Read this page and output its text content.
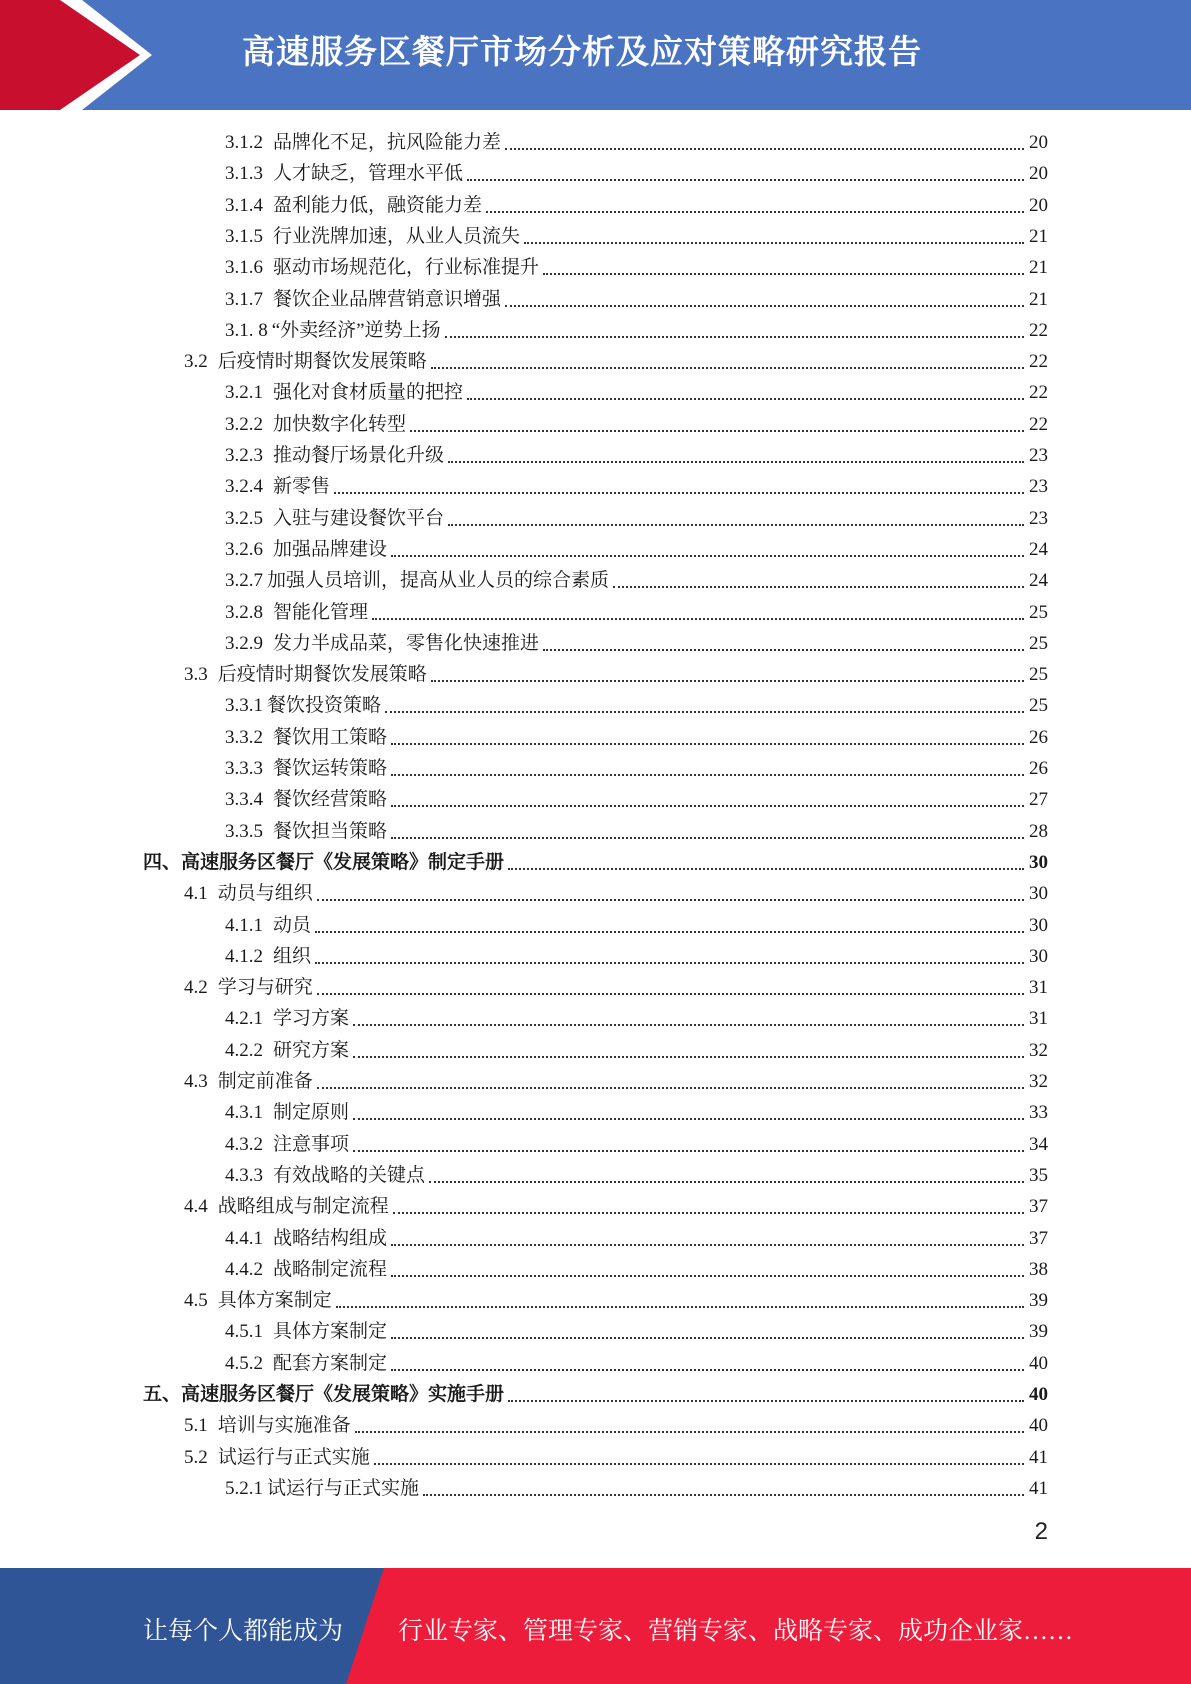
高速服务区餐厅市场分析及应对策略研究报告
3.1.2 品牌化不足，抗风险能力差	20
3.1.3 人才缺乏，管理水平低	20
3.1.4 盈利能力低，融资能力差	20
3.1.5 行业洗牌加速，从业人员流失	21
3.1.6 驱动市场规范化，行业标准提升	21
3.1.7 餐饮企业品牌营销意识增强	21
3.1. 8 “外卖经济”逆势上扬	22
3.2 后疫情时期餐饮发展策略	22
3.2.1 强化对食材质量的把控	22
3.2.2 加快数字化转型	22
3.2.3 推动餐厅场景化升级	23
3.2.4 新零售	23
3.2.5 入驻与建设餐饮平台	23
3.2.6 加强品牌建设	24
3.2.7 加强人员培训，提高从业人员的综合素质	24
3.2.8 智能化管理	25
3.2.9 发力半成品菜，零售化快速推进	25
3.3 后疫情时期餐饮发展策略	25
3.3.1 餐饮投资策略	25
3.3.2 餐饮用工策略	26
3.3.3 餐饮运转策略	26
3.3.4 餐饮经营策略	27
3.3.5 餐饮担当策略	28
四、 高速服务区餐厅《发展策略》制定手册	30
4.1 动员与组织	30
4.1.1 动员	30
4.1.2 组织	30
4.2 学习与研究	31
4.2.1 学习方案	31
4.2.2 研究方案	32
4.3 制定前准备	32
4.3.1 制定原则	33
4.3.2 注意事项	34
4.3.3 有效战略的关键点	35
4.4 战略组成与制定流程	37
4.4.1 战略结构组成	37
4.4.2 战略制定流程	38
4.5 具体方案制定	39
4.5.1 具体方案制定	39
4.5.2 配套方案制定	40
五、 高速服务区餐厅《发展策略》实施手册	40
5.1 培训与实施准备	40
5.2 试运行与正式实施	41
5.2.1 试运行与正式实施	41
2
让每个人都能成为 行业专家、管理专家、营销专家、战略专家、成功企业家……
